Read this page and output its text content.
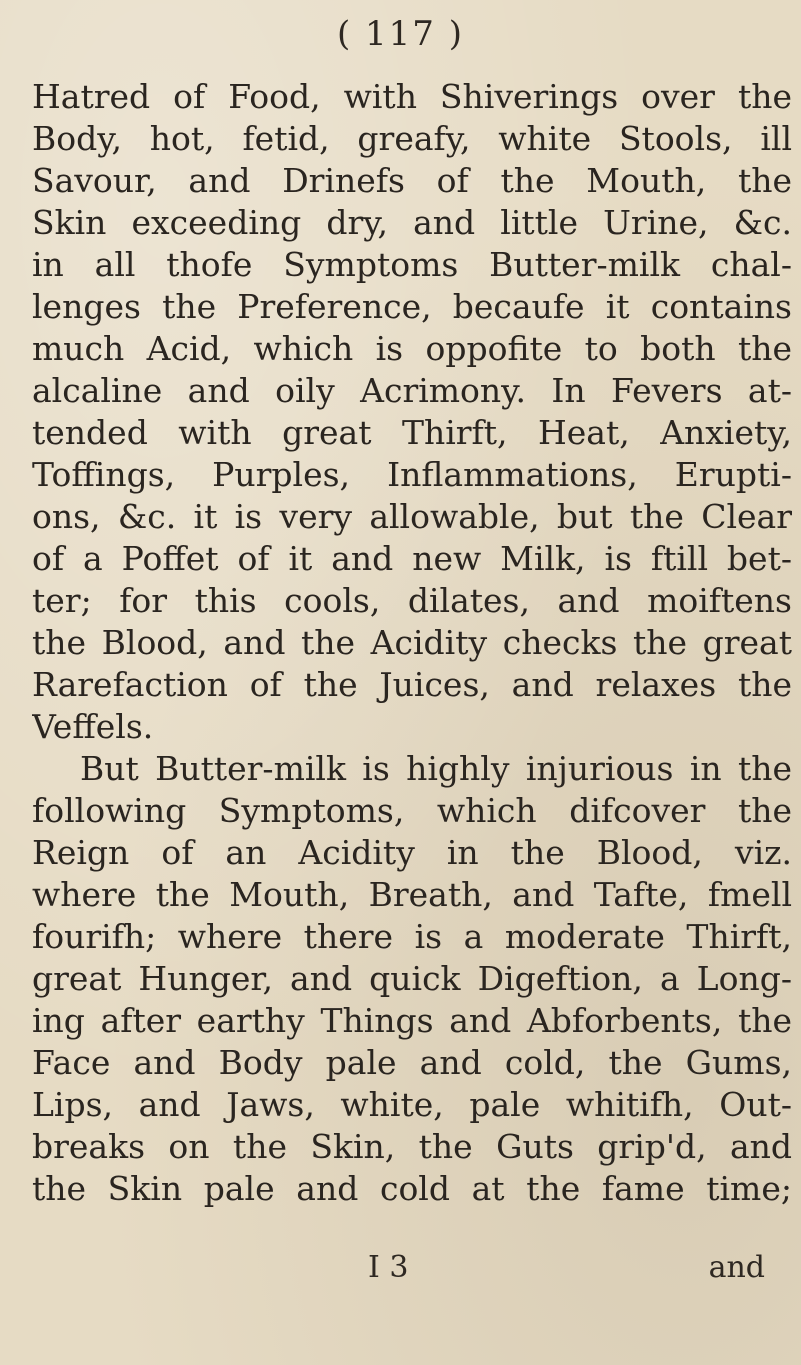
( 117 )
Hatred of Food, with Shiverings over the
Body, hot, fetid, greafy, white Stools, ill
Savour, and Drinefs of the Mouth, the
Skin exceeding dry, and little Urine, &c.
in all thofe Symptoms Butter-milk chal-
lenges the Preference, becaufe it contains
much Acid, which is oppofite to both the
alcaline and oily Acrimony. In Fevers at-
tended with great Thirft, Heat, Anxiety,
Toffings, Purples, Inflammations, Erupti-
ons, &c. it is very allowable, but the Clear
of a Poffet of it and new Milk, is ftill bet-
ter; for this cools, dilates, and moiftens
the Blood, and the Acidity checks the great
Rarefaction of the Juices, and relaxes the
Veffels.
But Butter-milk is highly injurious in the
following Symptoms, which difcover the
Reign of an Acidity in the Blood, viz.
where the Mouth, Breath, and Tafte, fmell
fourifh; where there is a moderate Thirft,
great Hunger, and quick Digeftion, a Long-
ing after earthy Things and Abforbents, the
Face and Body pale and cold, the Gums,
Lips, and Jaws, white, pale whitifh, Out-
breaks on the Skin, the Guts grip'd, and
the Skin pale and cold at the fame time;
I 3	and
